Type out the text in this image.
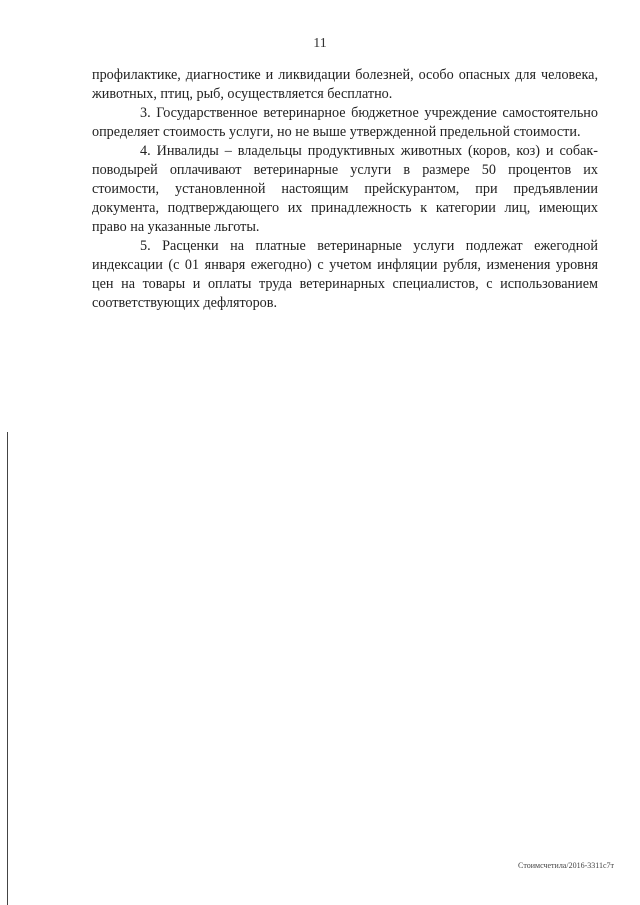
11

профилактике, диагностике и ликвидации болезней, особо опасных для человека, животных, птиц, рыб, осуществляется бесплатно.

3. Государственное ветеринарное бюджетное учреждение самостоятельно определяет стоимость услуги, но не выше утвержденной предельной стоимости.

4. Инвалиды – владельцы продуктивных животных (коров, коз) и собак-поводырей оплачивают ветеринарные услуги в размере 50 процентов их стоимости, установленной настоящим прейскурантом, при предъявлении документа, подтверждающего их принадлежность к категории лиц, имеющих право на указанные льготы.

5. Расценки на платные ветеринарные услуги подлежат ежегодной индексации (с 01 января ежегодно) с учетом инфляции рубля, изменения уровня цен на товары и оплаты труда ветеринарных специалистов, с использованием соответствующих дефляторов.

Cтоимсчетила/2016-3311с7т
